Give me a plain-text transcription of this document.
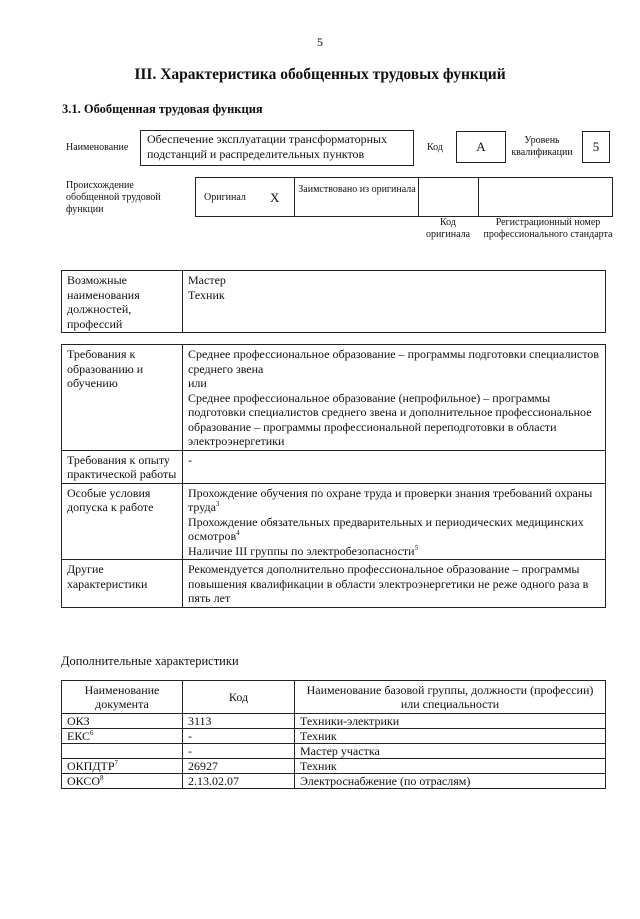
5
III. Характеристика обобщенных трудовых функций
3.1. Обобщенная трудовая функция
Наименование
Обеспечение эксплуатации трансформаторных подстанций и распределительных пунктов	Код	А	Уровень квалификации	5
Происхождение обобщенной трудовой функции
Оригинал X
Заимствовано из оригинала
Код оригинала
Регистрационный номер профессионального стандарта
Возможные наименования должностей, профессий	Мастер
Техник
Требования к образованию и обучению	Среднее профессиональное образование – программы подготовки специалистов среднего звена
или
Среднее профессиональное образование (непрофильное) – программы подготовки специалистов среднего звена и дополнительное профессиональное образование – программы профессиональной переподготовки в области электроэнергетики
Требования к опыту практической работы	-
Особые условия допуска к работе	Прохождение обучения по охране труда и проверки знания требований охраны труда$^3$
Прохождение обязательных предварительных и периодических медицинских осмотров$^4$
Наличие III группы по электробезопасности$^5$

Другие характеристики	Рекомендуется дополнительно профессиональное образование – программы повышения квалификации в области электроэнергетики не реже одного раза в пять лет
Дополнительные характеристики
Наименование документа	Код	Наименование базовой группы, должности (профессии) или специальности
ОКЗ	3113	Техники-электрики
ЕКС$^6$	-	Техник
	-	Мастер участка
ОКПДТР$^7$	26927	Техник
ОКСО$^8$	2.13.02.07	Электроснабжение (по отраслям)
